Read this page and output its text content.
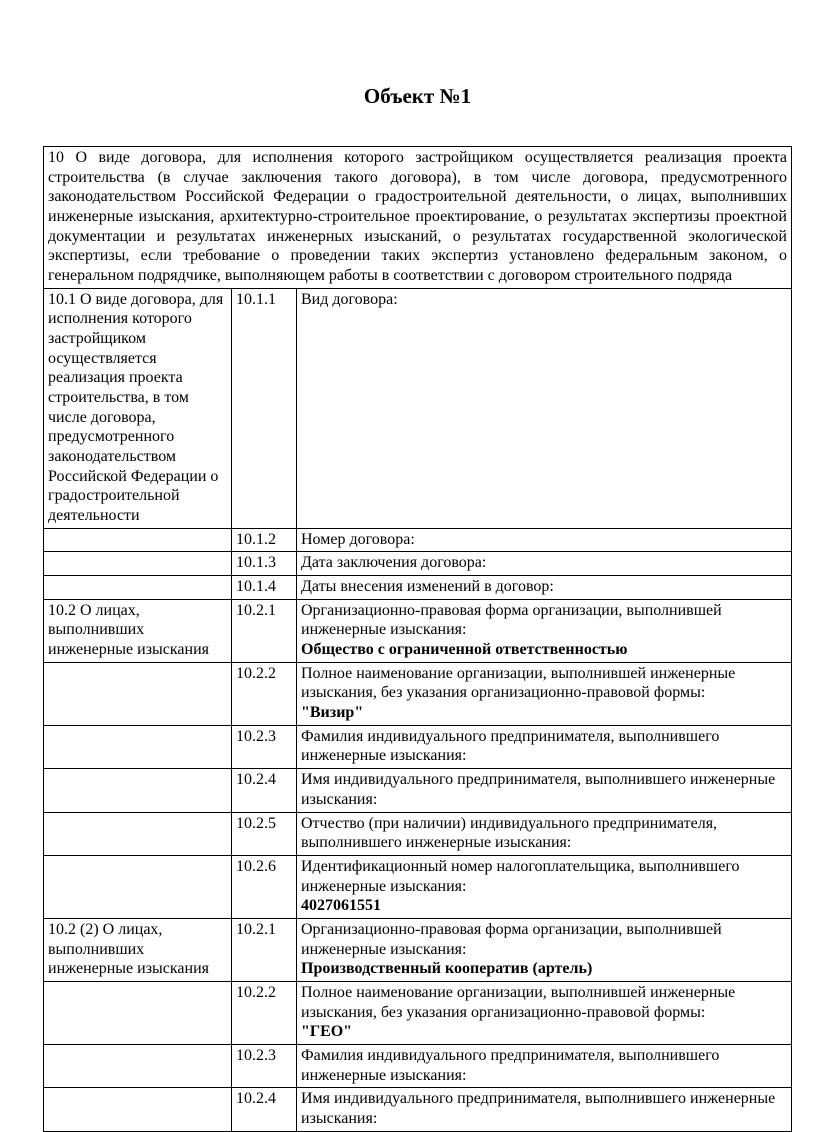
Объект №1
10 О виде договора, для исполнения которого застройщиком осуществляется реализация проекта строительства (в случае заключения такого договора), в том числе договора, предусмотренного законодательством Российской Федерации о градостроительной деятельности, о лицах, выполнивших инженерные изыскания, архитектурно-строительное проектирование, о результатах экспертизы проектной документации и результатах инженерных изысканий, о результатах государственной экологической экспертизы, если требование о проведении таких экспертиз установлено федеральным законом, о генеральном подрядчике, выполняющем работы в соответствии с договором строительного подряда		
10.1 О виде договора, для исполнения которого застройщиком осуществляется реализация проекта строительства, в том числе договора, предусмотренного законодательством Российской Федерации о градостроительной деятельности	10.1.1	Вид договора:

	10.1.2	Номер договора:

	10.1.3	Дата заключения договора:

	10.1.4	Даты внесения изменений в договор:

10.2 О лицах, выполнивших инженерные изыскания	10.2.1	Организационно-правовая форма организации, выполнившей инженерные изыскания:
Общество с ограниченной ответственностью

	10.2.2	Полное наименование организации, выполнившей инженерные изыскания, без указания организационно-правовой формы:
"Визир"

	10.2.3	Фамилия индивидуального предпринимателя, выполнившего инженерные изыскания:

	10.2.4	Имя индивидуального предпринимателя, выполнившего инженерные изыскания:

	10.2.5	Отчество (при наличии) индивидуального предпринимателя, выполнившего инженерные изыскания:

	10.2.6	Идентификационный номер налогоплательщика, выполнившего инженерные изыскания:
4027061551

10.2 (2) О лицах, выполнивших инженерные изыскания	10.2.1	Организационно-правовая форма организации, выполнившей инженерные изыскания:
Производственный кооператив (артель)

	10.2.2	Полное наименование организации, выполнившей инженерные изыскания, без указания организационно-правовой формы:
"ГЕО"

	10.2.3	Фамилия индивидуального предпринимателя, выполнившего инженерные изыскания:

	10.2.4	Имя индивидуального предпринимателя, выполнившего инженерные изыскания:
